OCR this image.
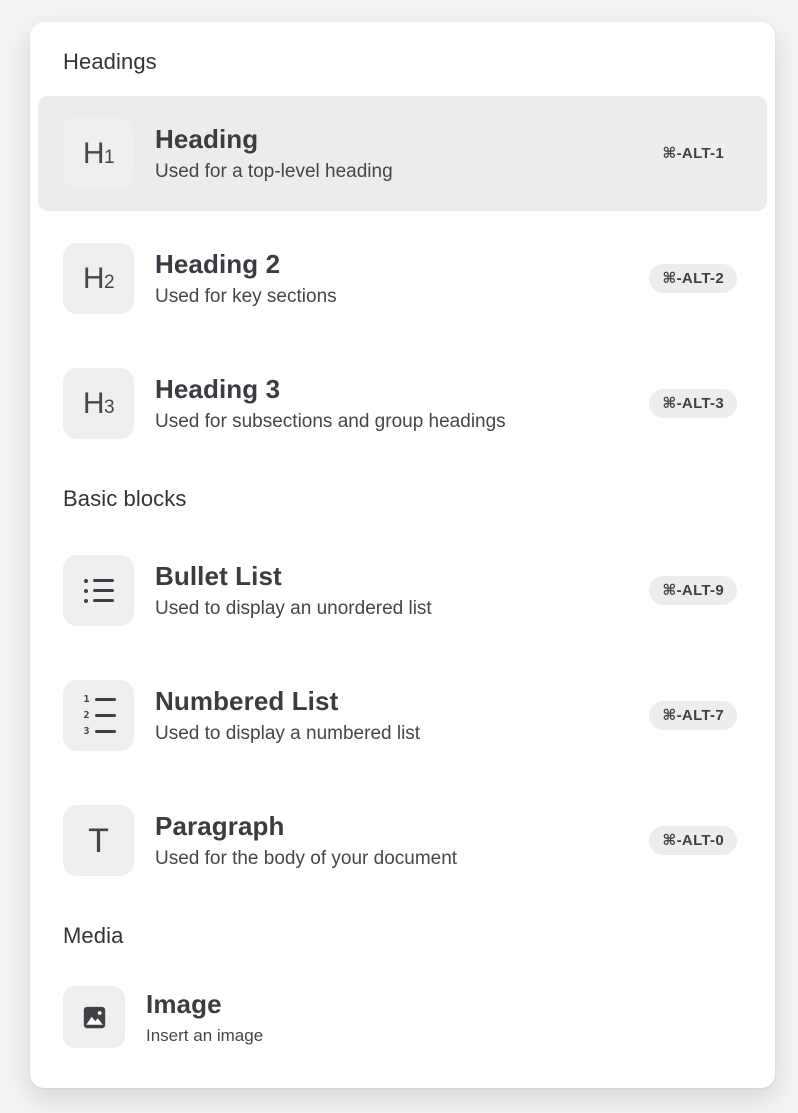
Headings
H 1
Heading
Used for a top-level heading
⌘-ALT-1
H 2
Heading 2
Used for key sections
⌘-ALT-2
H 3
Heading 3
Used for subsections and group headings
⌘-ALT-3
Basic blocks
Bullet List
Used to display an unordered list
⌘-ALT-9
1
2
3
Numbered List
Used to display a numbered list
⌘-ALT-7
T Paragraph
Used for the body of your document
⌘-ALT-0
Media
Image
Insert an image
